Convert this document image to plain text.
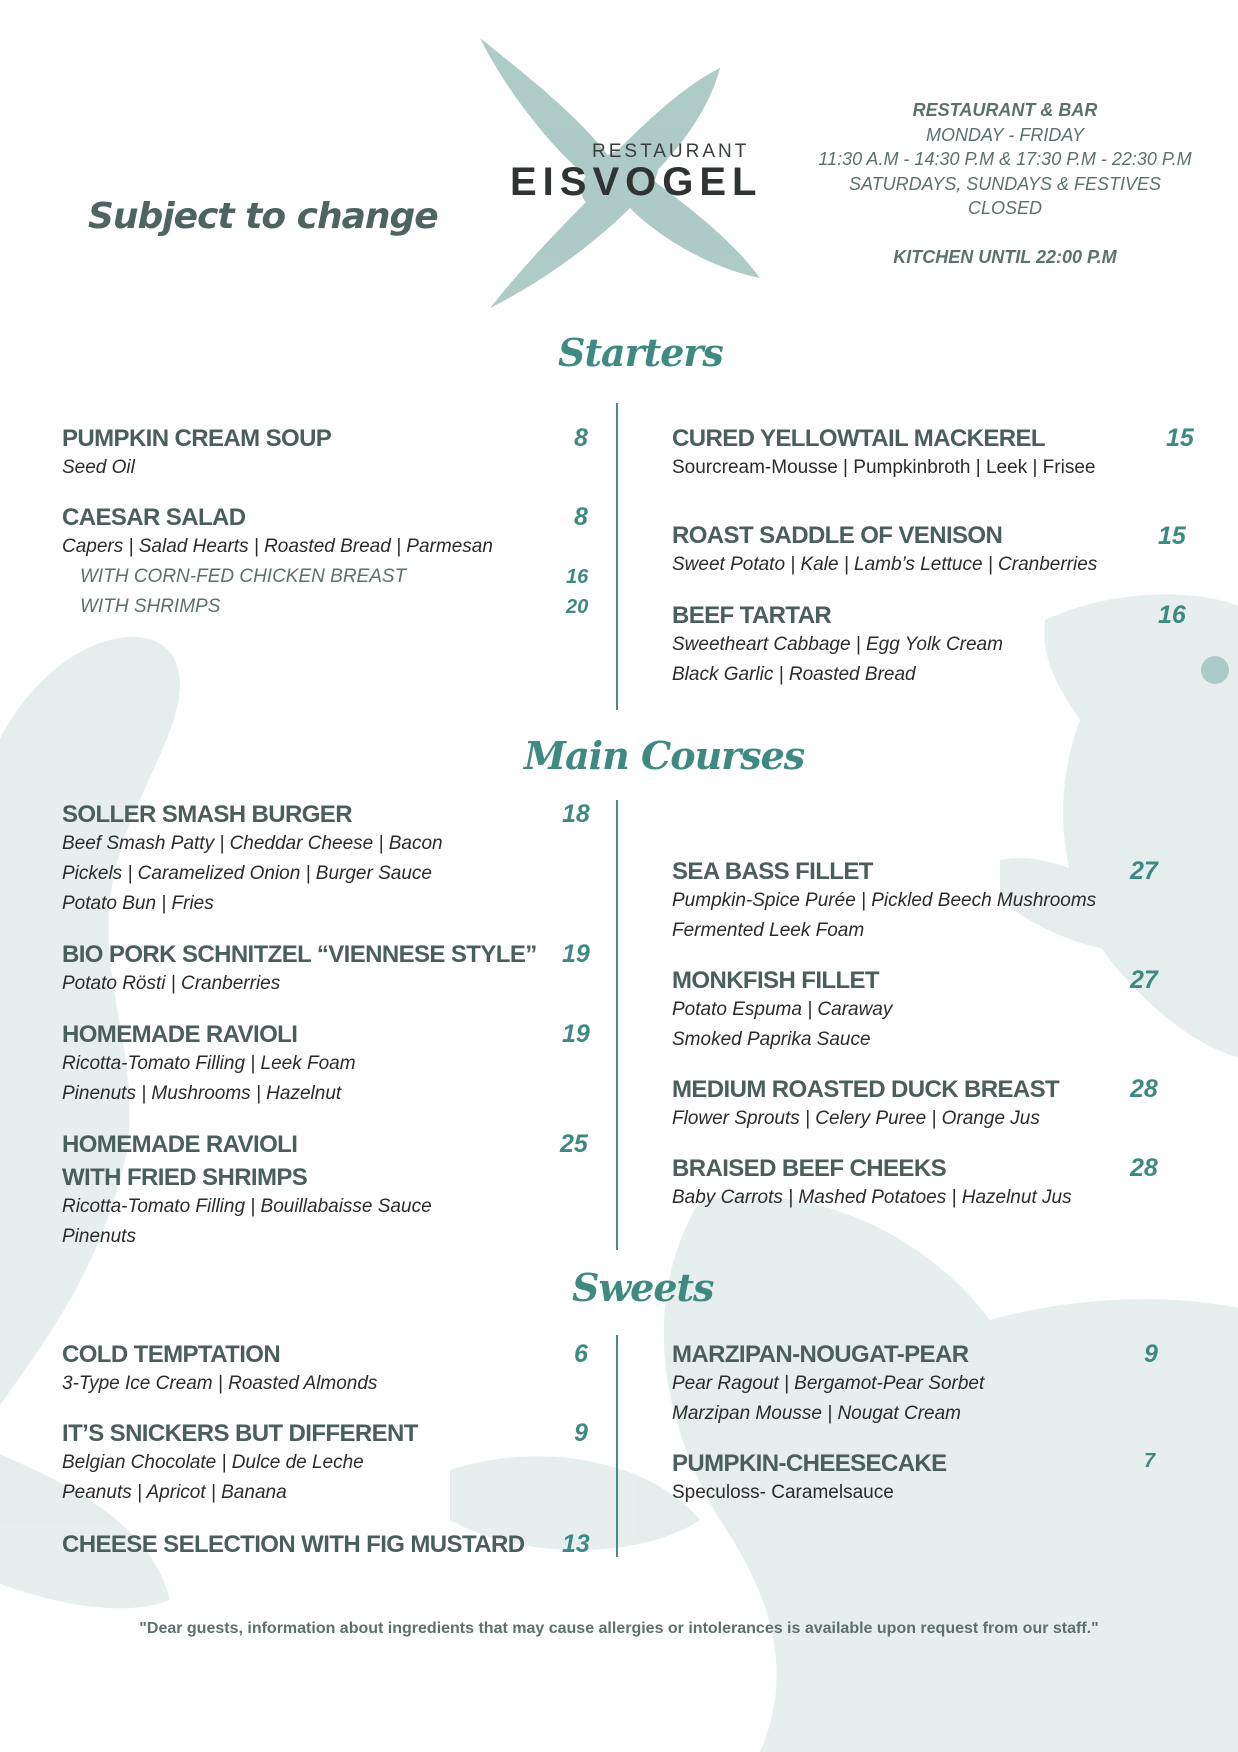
Subject to change
RESTAURANT
EISVOGEL
RESTAURANT & BAR
MONDAY - FRIDAY
11:30 A.M - 14:30 P.M & 17:30 P.M - 22:30 P.M
SATURDAYS, SUNDAYS & FESTIVES
CLOSED
KITCHEN UNTIL 22:00 P.M
Starters
PUMPKIN CREAM SOUP
Seed Oil
8
CAESAR SALAD
Capers | Salad Hearts | Roasted Bread | Parmesan
8
WITH CORN-FED CHICKEN BREAST	16
WITH SHRIMPS	20
CURED YELLOWTAIL MACKEREL
Sourcream-Mousse | Pumpkinbroth | Leek | Frisee
15
ROAST SADDLE OF VENISON
Sweet Potato | Kale | Lamb’s Lettuce | Cranberries
15
BEEF TARTAR
Sweetheart Cabbage | Egg Yolk Cream
Black Garlic | Roasted Bread
16
Main Courses
SOLLER SMASH BURGER
Beef Smash Patty | Cheddar Cheese | Bacon
Pickels | Caramelized Onion | Burger Sauce
Potato Bun | Fries
18
BIO PORK SCHNITZEL “VIENNESE STYLE”
Potato Rösti | Cranberries
19
HOMEMADE RAVIOLI
Ricotta-Tomato Filling | Leek Foam
Pinenuts | Mushrooms | Hazelnut
19
HOMEMADE RAVIOLI
WITH FRIED SHRIMPS
Ricotta-Tomato Filling | Bouillabaisse Sauce
Pinenuts
25
SEA BASS FILLET
Pumpkin-Spice Purée | Pickled Beech Mushrooms
Fermented Leek Foam
27
MONKFISH FILLET
Potato Espuma | Caraway
Smoked Paprika Sauce
27
MEDIUM ROASTED DUCK BREAST
Flower Sprouts | Celery Puree | Orange Jus
28
BRAISED BEEF CHEEKS
Baby Carrots | Mashed Potatoes | Hazelnut Jus
28
Sweets
COLD TEMPTATION
3-Type Ice Cream | Roasted Almonds
6
IT’S SNICKERS BUT DIFFERENT
Belgian Chocolate | Dulce de Leche
Peanuts | Apricot | Banana
9
CHEESE SELECTION WITH FIG MUSTARD 13
MARZIPAN-NOUGAT-PEAR
Pear Ragout | Bergamot-Pear Sorbet
Marzipan Mousse | Nougat Cream
9
PUMPKIN-CHEESECAKE
Speculoss- Caramelsauce
7
"Dear guests, information about ingredients that may cause allergies or intolerances is available upon request from our staff."
